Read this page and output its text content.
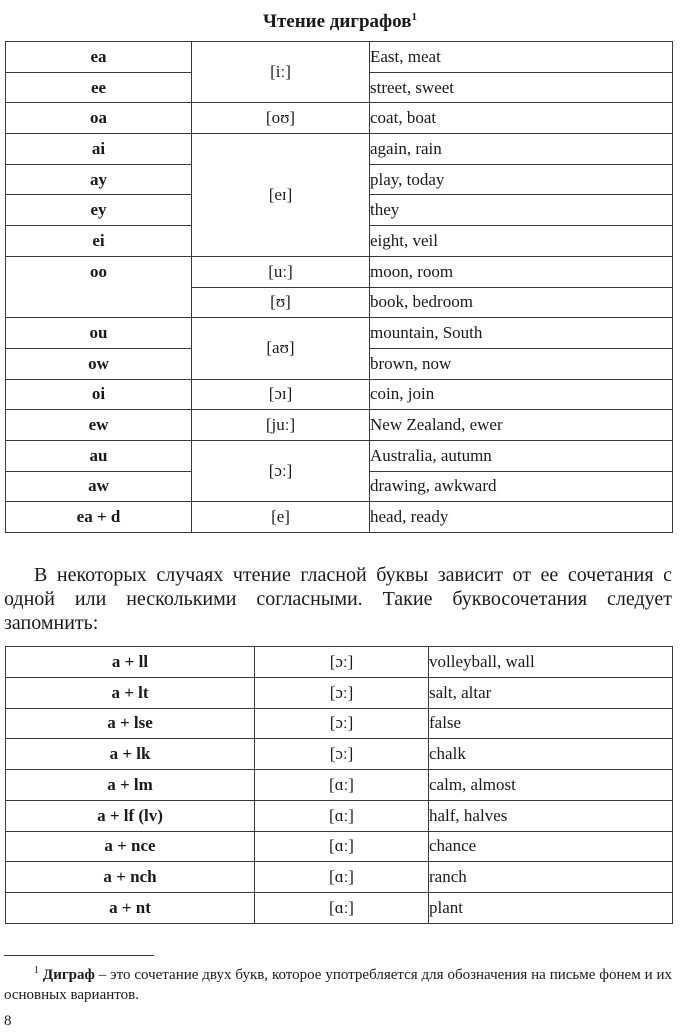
Чтение диграфов$^1$
ea	[iː]	East, meat
ee		street, sweet
oa	[oʊ]	coat, boat
ai	[eɪ]	again, rain
ay		play, today
ey		they
ei		eight, veil
oo	[uː]	moon, room
	[ʊ]	book, bedroom
ou	[aʊ]	mountain, South
ow		brown, now
oi	[ɔɪ]	coin, join
ew	[juː]	New Zealand, ewer
au	[ɔː]	Australia, autumn
aw		drawing, awkward
ea + d	[e]	head, ready

В некоторых случаях чтение гласной буквы зависит от ее сочетания с одной или несколькими согласными. Такие буквосочетания следует запомнить:

a + ll	[ɔː]	volleyball, wall
a + lt	[ɔː]	salt, altar
a + lse	[ɔː]	false
a + lk	[ɔː]	chalk
a + lm	[ɑː]	calm, almost
a + lf (lv)	[ɑː]	half, halves
a + nce	[ɑː]	chance
a + nch	[ɑː]	ranch
a + nt	[ɑː]	plant

$^1$ Диграф – это сочетание двух букв, которое употребляется для обозначения на письме фонем и их основных вариантов.

8
